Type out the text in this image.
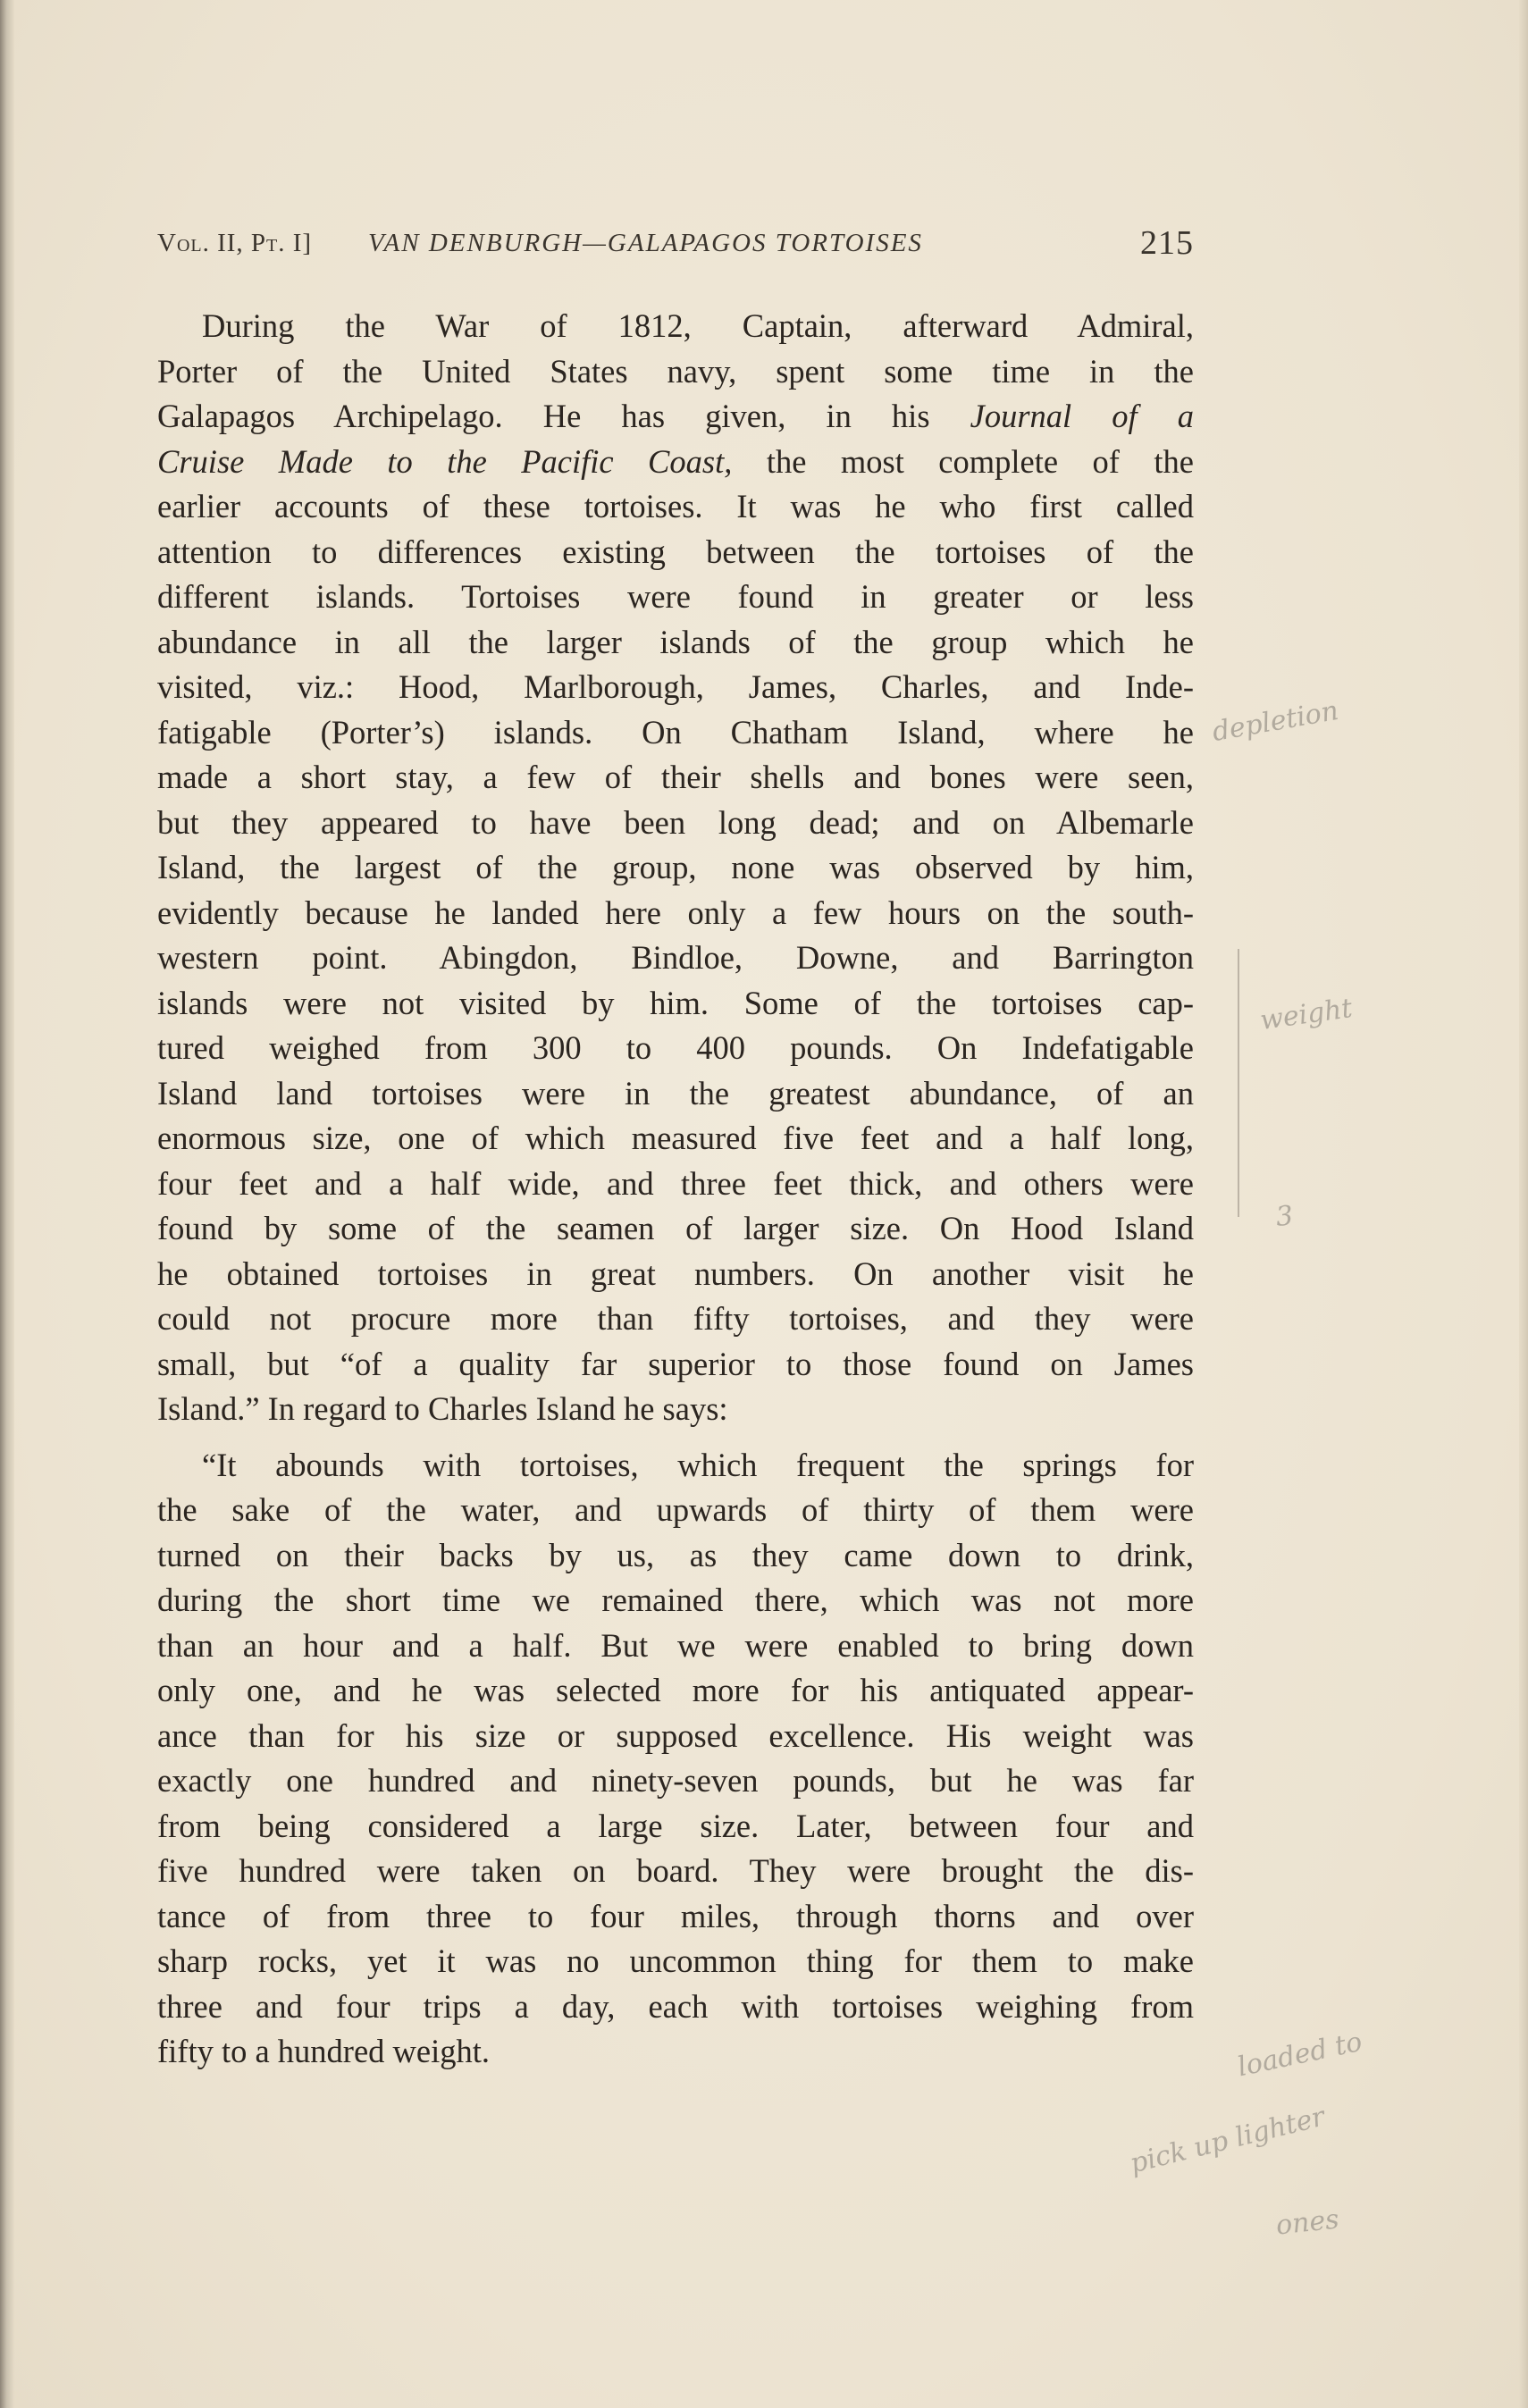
Vol. II, Pt. I] VAN DENBURGH—GALAPAGOS TORTOISES	215
During the War of 1812, Captain, afterward Admiral,
Porter of the United States navy, spent some time in the
Galapagos Archipelago. He has given, in his Journal of a
Cruise Made to the Pacific Coast, the most complete of the
earlier accounts of these tortoises. It was he who first called
attention to differences existing between the tortoises of the
different islands. Tortoises were found in greater or less
abundance in all the larger islands of the group which he
visited, viz.: Hood, Marlborough, James, Charles, and Inde-
fatigable (Porter’s) islands. On Chatham Island, where he
made a short stay, a few of their shells and bones were seen,
but they appeared to have been long dead; and on Albemarle
Island, the largest of the group, none was observed by him,
evidently because he landed here only a few hours on the south-
western point. Abingdon, Bindloe, Downe, and Barrington
islands were not visited by him. Some of the tortoises cap-
tured weighed from 300 to 400 pounds. On Indefatigable
Island land tortoises were in the greatest abundance, of an
enormous size, one of which measured five feet and a half long,
four feet and a half wide, and three feet thick, and others were
found by some of the seamen of larger size. On Hood Island
he obtained tortoises in great numbers. On another visit he
could not procure more than fifty tortoises, and they were
small, but “of a quality far superior to those found on James
Island.” In regard to Charles Island he says:
“It abounds with tortoises, which frequent the springs for
the sake of the water, and upwards of thirty of them were
turned on their backs by us, as they came down to drink,
during the short time we remained there, which was not more
than an hour and a half. But we were enabled to bring down
only one, and he was selected more for his antiquated appear-
ance than for his size or supposed excellence. His weight was
exactly one hundred and ninety-seven pounds, but he was far
from being considered a large size. Later, between four and
five hundred were taken on board. They were brought the dis-
tance of from three to four miles, through thorns and over
sharp rocks, yet it was no uncommon thing for them to make
three and four trips a day, each with tortoises weighing from
fifty to a hundred weight.
depletion
weight
3
loaded to
pick up lighter
ones
